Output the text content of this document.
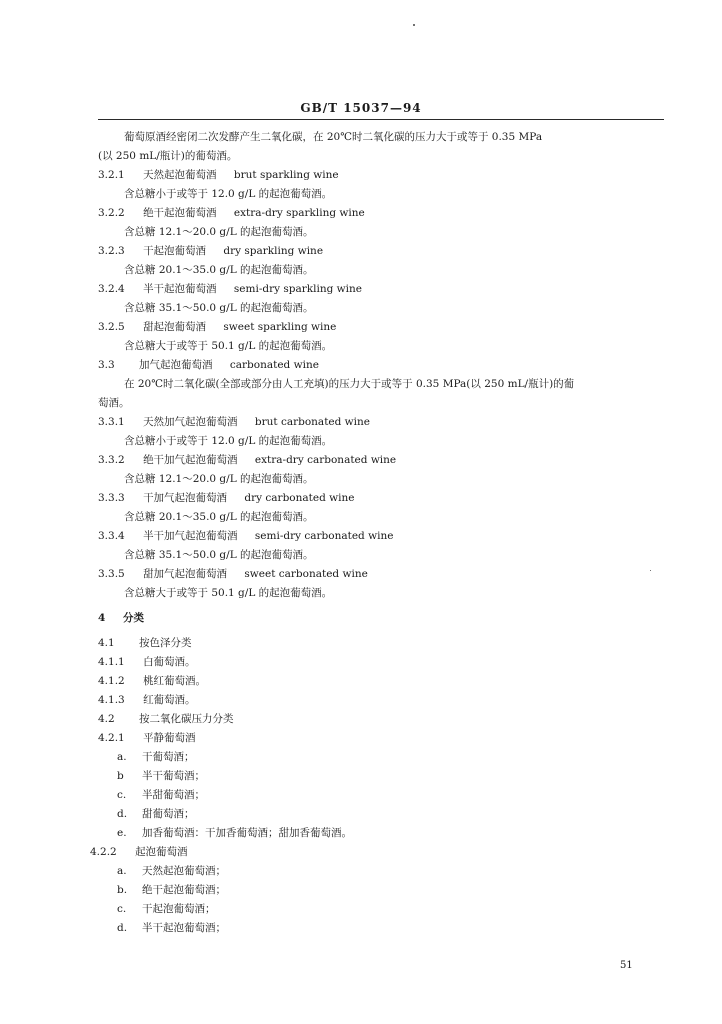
GB/T 15037—94
葡萄原酒经密闭二次发酵产生二氧化碳，在 20℃时二氧化碳的压力大于或等于 0.35 MPa
(以 250 mL/瓶计)的葡萄酒。
3.2.1 天然起泡葡萄酒 brut sparkling wine
含总糖小于或等于 12.0 g/L 的起泡葡萄酒。
3.2.2 绝干起泡葡萄酒 extra-dry sparkling wine
含总糖 12.1～20.0 g/L 的起泡葡萄酒。
3.2.3 干起泡葡萄酒 dry sparkling wine
含总糖 20.1～35.0 g/L 的起泡葡萄酒。
3.2.4 半干起泡葡萄酒 semi-dry sparkling wine
含总糖 35.1～50.0 g/L 的起泡葡萄酒。
3.2.5 甜起泡葡萄酒 sweet sparkling wine
含总糖大于或等于 50.1 g/L 的起泡葡萄酒。
3.3 加气起泡葡萄酒 carbonated wine
在 20℃时二氧化碳(全部或部分由人工充填)的压力大于或等于 0.35 MPa(以 250 mL/瓶计)的葡
萄酒。
3.3.1 天然加气起泡葡萄酒 brut carbonated wine
含总糖小于或等于 12.0 g/L 的起泡葡萄酒。
3.3.2 绝干加气起泡葡萄酒 extra-dry carbonated wine
含总糖 12.1～20.0 g/L 的起泡葡萄酒。
3.3.3 干加气起泡葡萄酒 dry carbonated wine
含总糖 20.1～35.0 g/L 的起泡葡萄酒。
3.3.4 半干加气起泡葡萄酒 semi-dry carbonated wine
含总糖 35.1～50.0 g/L 的起泡葡萄酒。
3.3.5 甜加气起泡葡萄酒 sweet carbonated wine
含总糖大于或等于 50.1 g/L 的起泡葡萄酒。
4 分类
4.1 按色泽分类
4.1.1 白葡萄酒。
4.1.2 桃红葡萄酒。
4.1.3 红葡萄酒。
4.2 按二氧化碳压力分类
4.2.1 平静葡萄酒
a. 干葡萄酒；
b 半干葡萄酒；
c. 半甜葡萄酒；
d. 甜葡萄酒；
e. 加香葡萄酒：干加香葡萄酒；甜加香葡萄酒。
4.2.2 起泡葡萄酒
a. 天然起泡葡萄酒；
b. 绝干起泡葡萄酒；
c. 干起泡葡萄酒；
d. 半干起泡葡萄酒；
51
